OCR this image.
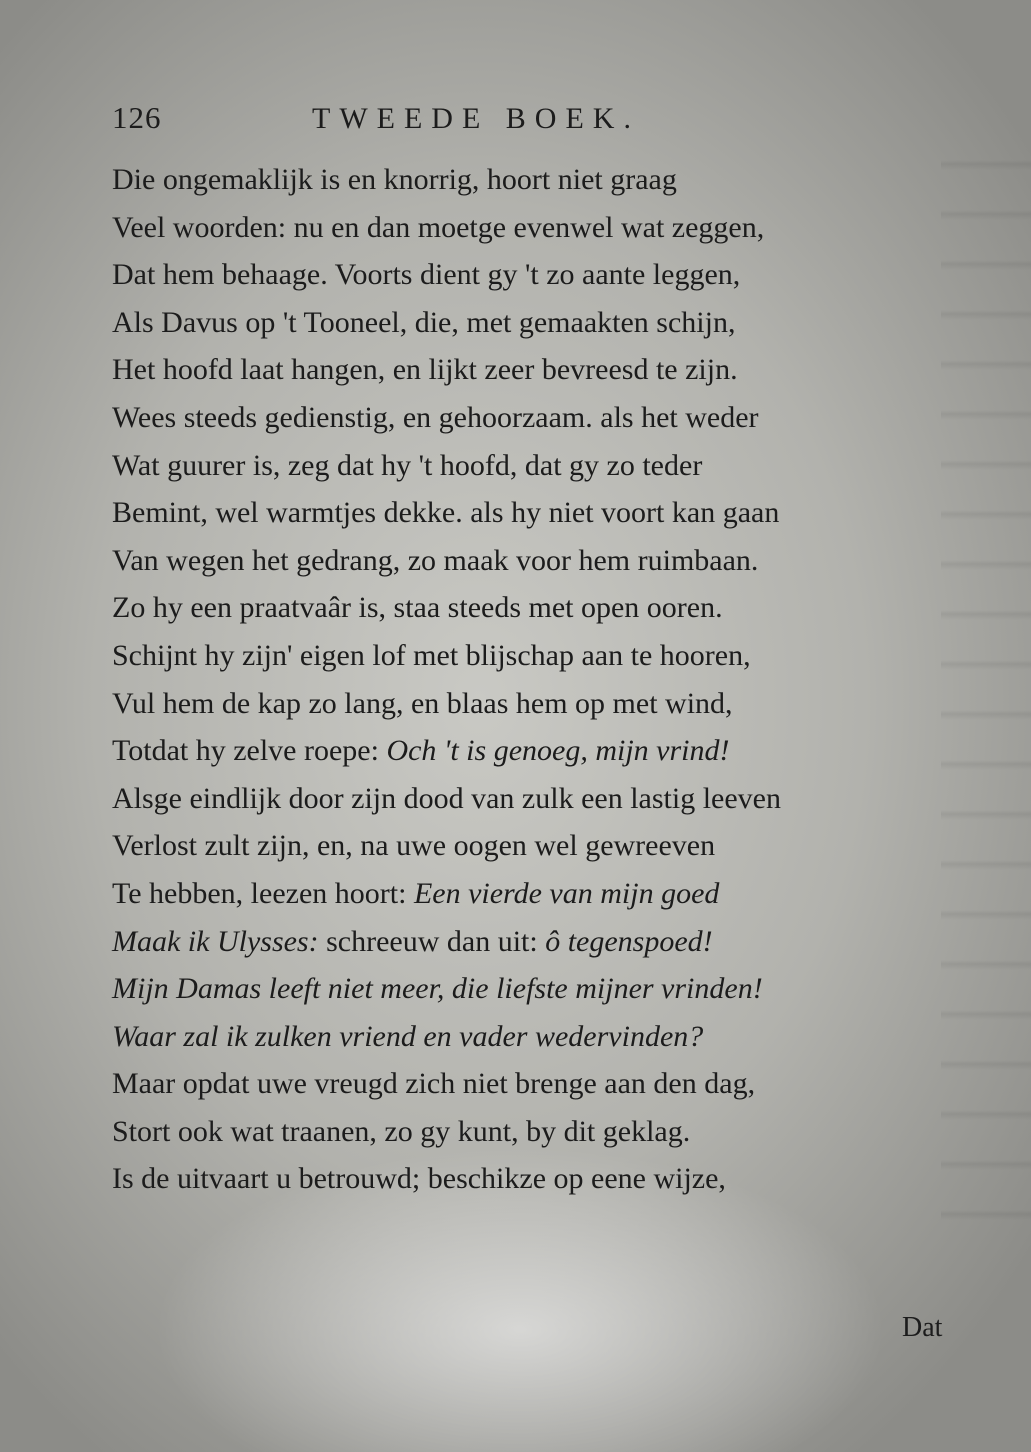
126	TWEEDE BOEK.
Die ongemaklijk is en knorrig, hoort niet graag
Veel woorden: nu en dan moetge evenwel wat zeggen,
Dat hem behaage. Voorts dient gy 't zo aante leggen,
Als Davus op 't Tooneel, die, met gemaakten schijn,
Het hoofd laat hangen, en lijkt zeer bevreesd te zijn.
Wees steeds gedienstig, en gehoorzaam. als het weder
Wat guurer is, zeg dat hy 't hoofd, dat gy zo teder
Bemint, wel warmtjes dekke. als hy niet voort kan gaan
Van wegen het gedrang, zo maak voor hem ruimbaan.
Zo hy een praatvaâr is, staa steeds met open ooren.
Schijnt hy zijn' eigen lof met blijschap aan te hooren,
Vul hem de kap zo lang, en blaas hem op met wind,
Totdat hy zelve roepe: Och 't is genoeg, mijn vrind!
Alsge eindlijk door zijn dood van zulk een lastig leeven
Verlost zult zijn, en, na uwe oogen wel gewreeven
Te hebben, leezen hoort: Een vierde van mijn goed
Maak ik Ulysses: schreeuw dan uit: ô tegenspoed!
Mijn Damas leeft niet meer, die liefste mijner vrinden!
Waar zal ik zulken vriend en vader wedervinden?
Maar opdat uwe vreugd zich niet brenge aan den dag,
Stort ook wat traanen, zo gy kunt, by dit geklag.
Is de uitvaart u betrouwd; beschikze op eene wijze,
Dat
